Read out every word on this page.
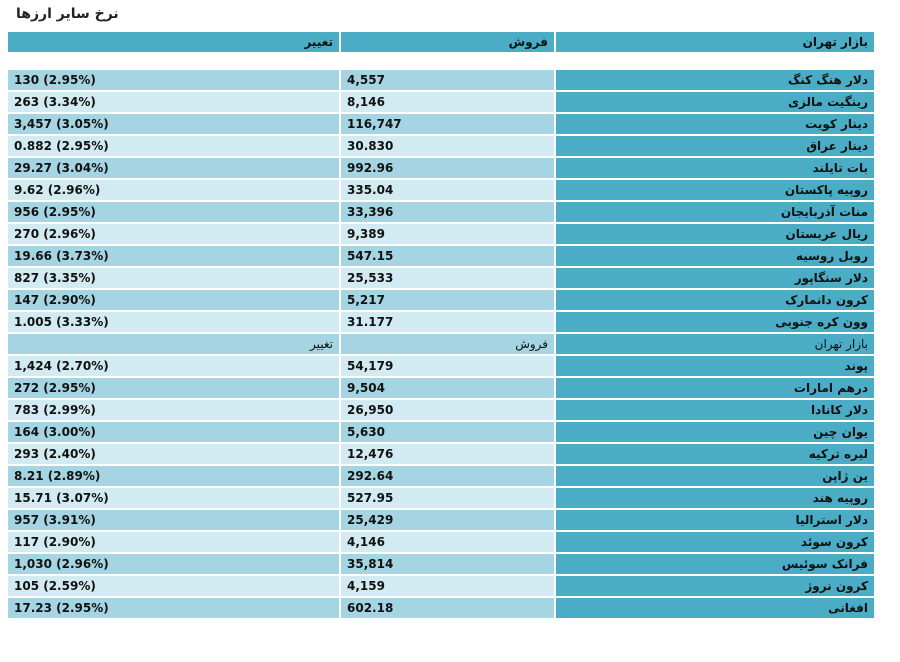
نرخ سایر ارزها
تغییر	فروش	بازار تهران

130 (2.95%)	4,557	دلار هنگ کنگ
263 (3.34%)	8,146	رینگیت مالزی
3,457 (3.05%)	116,747	دینار کویت
0.882 (2.95%)	30.830	دینار عراق
29.27 (3.04%)	992.96	بات تایلند
9.62 (2.96%)	335.04	روپیه پاکستان
956 (2.95%)	33,396	منات آذربایجان
270 (2.96%)	9,389	ریال عربستان
19.66 (3.73%)	547.15	روبل روسیه
827 (3.35%)	25,533	دلار سنگاپور
147 (2.90%)	5,217	کرون دانمارک
1.005 (3.33%)	31.177	وون کره جنوبی
تغییر	فروش	بازار تهران
1,424 (2.70%)	54,179	پوند
272 (2.95%)	9,504	درهم امارات
783 (2.99%)	26,950	دلار کانادا
164 (3.00%)	5,630	یوان چین
293 (2.40%)	12,476	لیره ترکیه
8.21 (2.89%)	292.64	ین ژاپن
15.71 (3.07%)	527.95	روپیه هند
957 (3.91%)	25,429	دلار استرالیا
117 (2.90%)	4,146	کرون سوئد
1,030 (2.96%)	35,814	فرانک سوئیس
105 (2.59%)	4,159	کرون نروژ
17.23 (2.95%)	602.18	افغانی
